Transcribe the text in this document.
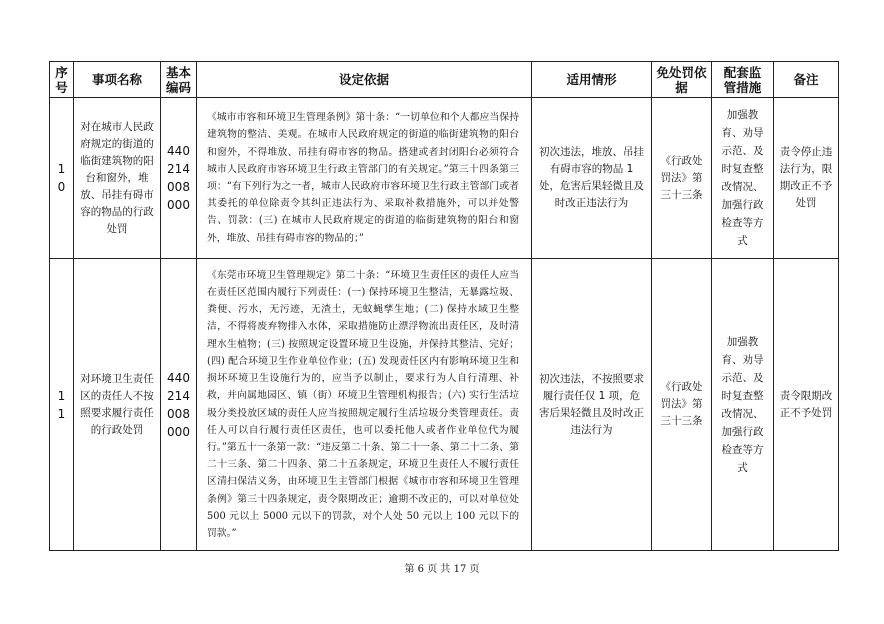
序号	事项名称	基本编码	设定依据	适用情形	免处罚依据	配套监管措施	备注
10	对在城市人民政府规定的街道的临街建筑物的阳台和窗外，堆放、吊挂有碍市容的物品的行政处罚	440214008000	《城市市容和环境卫生管理条例》第十条：“一切单位和个人都应当保持建筑物的整洁、美观。在城市人民政府规定的街道的临街建筑物的阳台和窗外，不得堆放、吊挂有碍市容的物品。搭建或者封闭阳台必须符合城市人民政府市容环境卫生行政主管部门的有关规定。”第三十四条第三项：“有下列行为之一者，城市人民政府市容环境卫生行政主管部门或者其委托的单位除责令其纠正违法行为、采取补救措施外，可以并处警告、罚款：(三) 在城市人民政府规定的街道的临街建筑物的阳台和窗外，堆放、吊挂有碍市容的物品的；”	初次违法，堆放、吊挂有碍市容的物品 1 处，危害后果轻微且及时改正违法行为	《行政处罚法》第三十三条	加强教育、劝导示范、及时复查整改情况、加强行政检查等方式	责令停止违法行为，限期改正不予处罚
11	对环境卫生责任区的责任人不按照要求履行责任的行政处罚	440214008000	《东莞市环境卫生管理规定》第二十条：“环境卫生责任区的责任人应当在责任区范围内履行下列责任：(一) 保持环境卫生整洁，无暴露垃圾、粪便、污水，无污迹，无渣土，无蚊蝇孳生地；(二) 保持水域卫生整洁，不得将废弃物排入水体，采取措施防止漂浮物流出责任区，及时清理水生植物；(三) 按照规定设置环境卫生设施，并保持其整洁、完好；(四) 配合环境卫生作业单位作业；(五) 发现责任区内有影响环境卫生和损坏环境卫生设施行为的，应当予以制止，要求行为人自行清理、补救，并向属地园区、镇（街）环境卫生管理机构报告；(六) 实行生活垃圾分类投放区域的责任人应当按照规定履行生活垃圾分类管理责任。责任人可以自行履行责任区责任，也可以委托他人或者作业单位代为履行。”第五十一条第一款：“违反第二十条、第二十一条、第二十二条、第二十三条、第二十四条、第二十五条规定，环境卫生责任人不履行责任区清扫保洁义务，由环境卫生主管部门根据《城市市容和环境卫生管理条例》第三十四条规定，责令限期改正；逾期不改正的，可以对单位处 500 元以上 5000 元以下的罚款，对个人处 50 元以上 100 元以下的罚款。”	初次违法，不按照要求履行责任仅 1 项，危害后果轻微且及时改正违法行为	《行政处罚法》第三十三条	加强教育、劝导示范、及时复查整改情况、加强行政检查等方式	责令限期改正不予处罚
第 6 页 共 17 页
